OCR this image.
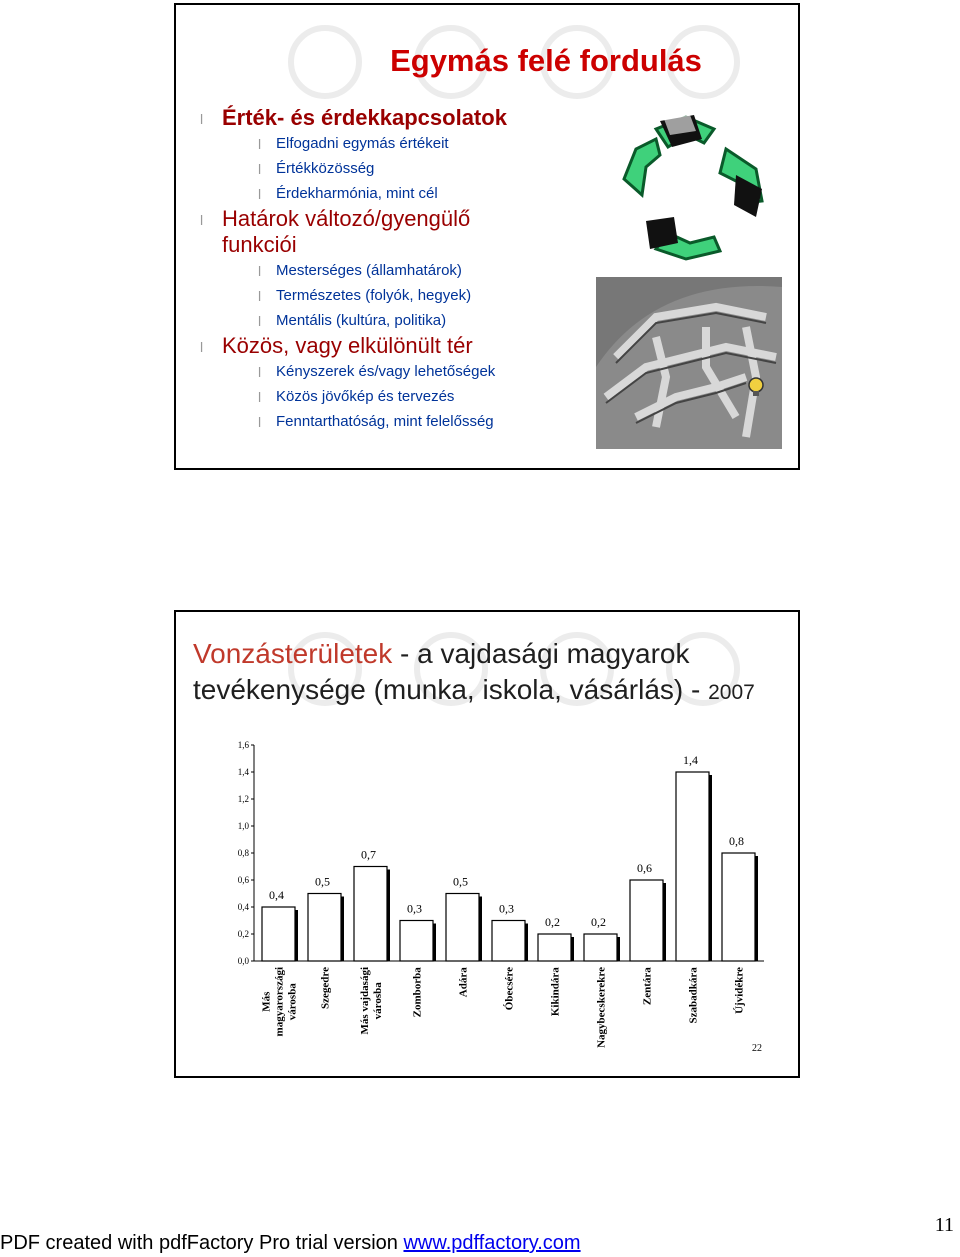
Egymás felé fordulás
l Érték- és érdekkapcsolatok
l Elfogadni egymás értékeit
l Értékközösség
l Érdekharmónia, mint cél
l Határok változó/gyengülő
funkciói
l Mesterséges (államhatárok)
l Természetes (folyók, hegyek)
l Mentális (kultúra, politika)
l Közös, vagy elkülönült tér
l Kényszerek és/vagy lehetőségek
l Közös jövőkép és tervezés
l Fenntarthatóság, mint felelősség
Vonzásterületek - a vajdasági magyarok
tevékenysége (munka, iskola, vásárlás) - 2007
0,0
0,2
0,4
0,6
0,8
1,0
1,2
1,4
1,6
0,4
Másmagyarországivárosba
0,5
Szegedre
0,7
Más vajdaságivárosba
0,3
Zomborba
0,5
Adára
0,3
Óbecsére
0,2
Kikindára
0,2
Nagybecskerekre
0,6
Zentára
1,4
Szabadkára
0,8
Újvidékre
22
PDF created with pdfFactory Pro trial version www.pdffactory.com
11
